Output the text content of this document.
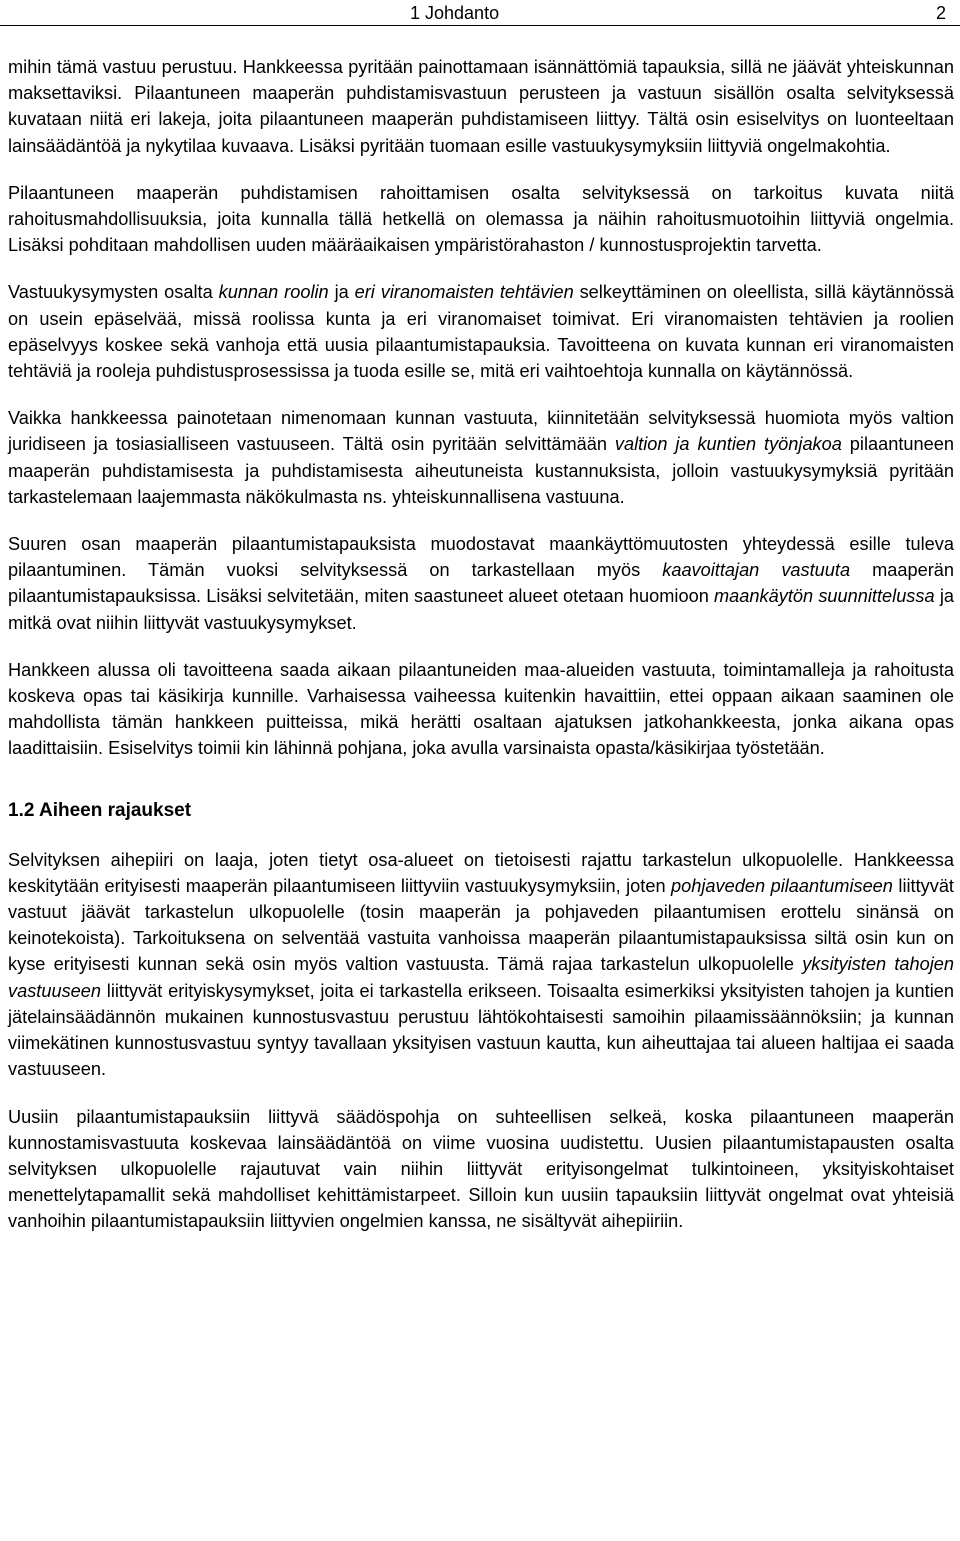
1 Johdanto	2

mihin tämä vastuu perustuu. Hankkeessa pyritään painottamaan isännättömiä tapauksia, sillä ne jäävät yhteiskunnan maksettaviksi. Pilaantuneen maaperän puhdistamisvastuun perusteen ja vastuun sisällön osalta selvityksessä kuvataan niitä eri lakeja, joita pilaantuneen maaperän puhdistamiseen liittyy. Tältä osin esiselvitys on luonteeltaan lainsäädäntöä ja nykytilaa kuvaava. Lisäksi pyritään tuomaan esille vastuukysymyksiin liittyviä ongelmakohtia.

Pilaantuneen maaperän puhdistamisen rahoittamisen osalta selvityksessä on tarkoitus kuvata niitä rahoitusmahdollisuuksia, joita kunnalla tällä hetkellä on olemassa ja näihin rahoitusmuotoihin liittyviä ongelmia. Lisäksi pohditaan mahdollisen uuden määräaikaisen ympäristörahaston / kunnostusprojektin tarvetta.

Vastuukysymysten osalta kunnan roolin ja eri viranomaisten tehtävien selkeyttäminen on oleellista, sillä käytännössä on usein epäselvää, missä roolissa kunta ja eri viranomaiset toimivat. Eri viranomaisten tehtävien ja roolien epäselvyys koskee sekä vanhoja että uusia pilaantumistapauksia. Tavoitteena on kuvata kunnan eri viranomaisten tehtäviä ja rooleja puhdistusprosessissa ja tuoda esille se, mitä eri vaihtoehtoja kunnalla on käytännössä.

Vaikka hankkeessa painotetaan nimenomaan kunnan vastuuta, kiinnitetään selvityksessä huomiota myös valtion juridiseen ja tosiasialliseen vastuuseen. Tältä osin pyritään selvittämään valtion ja kuntien työnjakoa pilaantuneen maaperän puhdistamisesta ja puhdistamisesta aiheutuneista kustannuksista, jolloin vastuukysymyksiä pyritään tarkastelemaan laajemmasta näkökulmasta ns. yhteiskunnallisena vastuuna.

Suuren osan maaperän pilaantumistapauksista muodostavat maankäyttömuutosten yhteydessä esille tuleva pilaantuminen. Tämän vuoksi selvityksessä on tarkastellaan myös kaavoittajan vastuuta maaperän pilaantumistapauksissa. Lisäksi selvitetään, miten saastuneet alueet otetaan huomioon maankäytön suunnittelussa ja mitkä ovat niihin liittyvät vastuukysymykset.

Hankkeen alussa oli tavoitteena saada aikaan pilaantuneiden maa-alueiden vastuuta, toimintamalleja ja rahoitusta koskeva opas tai käsikirja kunnille. Varhaisessa vaiheessa kuitenkin havaittiin, ettei oppaan aikaan saaminen ole mahdollista tämän hankkeen puitteissa, mikä herätti osaltaan ajatuksen jatkohankkeesta, jonka aikana opas laadittaisiin. Esiselvitys toimii kin lähinnä pohjana, joka avulla varsinaista opasta/käsikirjaa työstetään.

1.2 Aiheen rajaukset

Selvityksen aihepiiri on laaja, joten tietyt osa-alueet on tietoisesti rajattu tarkastelun ulkopuolelle. Hankkeessa keskitytään erityisesti maaperän pilaantumiseen liittyviin vastuukysymyksiin, joten pohjaveden pilaantumiseen liittyvät vastuut jäävät tarkastelun ulkopuolelle (tosin maaperän ja pohjaveden pilaantumisen erottelu sinänsä on keinotekoista). Tarkoituksena on selventää vastuita vanhoissa maaperän pilaantumistapauksissa siltä osin kun on kyse erityisesti kunnan sekä osin myös valtion vastuusta. Tämä rajaa tarkastelun ulkopuolelle yksityisten tahojen vastuuseen liittyvät erityiskysymykset, joita ei tarkastella erikseen. Toisaalta esimerkiksi yksityisten tahojen ja kuntien jätelainsäädännön mukainen kunnostusvastuu perustuu lähtökohtaisesti samoihin pilaamissäännöksiin; ja kunnan viimekätinen kunnostusvastuu syntyy tavallaan yksityisen vastuun kautta, kun aiheuttajaa tai alueen haltijaa ei saada vastuuseen.

Uusiin pilaantumistapauksiin liittyvä säädöspohja on suhteellisen selkeä, koska pilaantuneen maaperän kunnostamisvastuuta koskevaa lainsäädäntöä on viime vuosina uudistettu. Uusien pilaantumistapausten osalta selvityksen ulkopuolelle rajautuvat vain niihin liittyvät erityisongelmat tulkintoineen, yksityiskohtaiset menettelytapamallit sekä mahdolliset kehittämistarpeet. Silloin kun uusiin tapauksiin liittyvät ongelmat ovat yhteisiä vanhoihin pilaantumistapauksiin liittyvien ongelmien kanssa, ne sisältyvät aihepiiriin.
